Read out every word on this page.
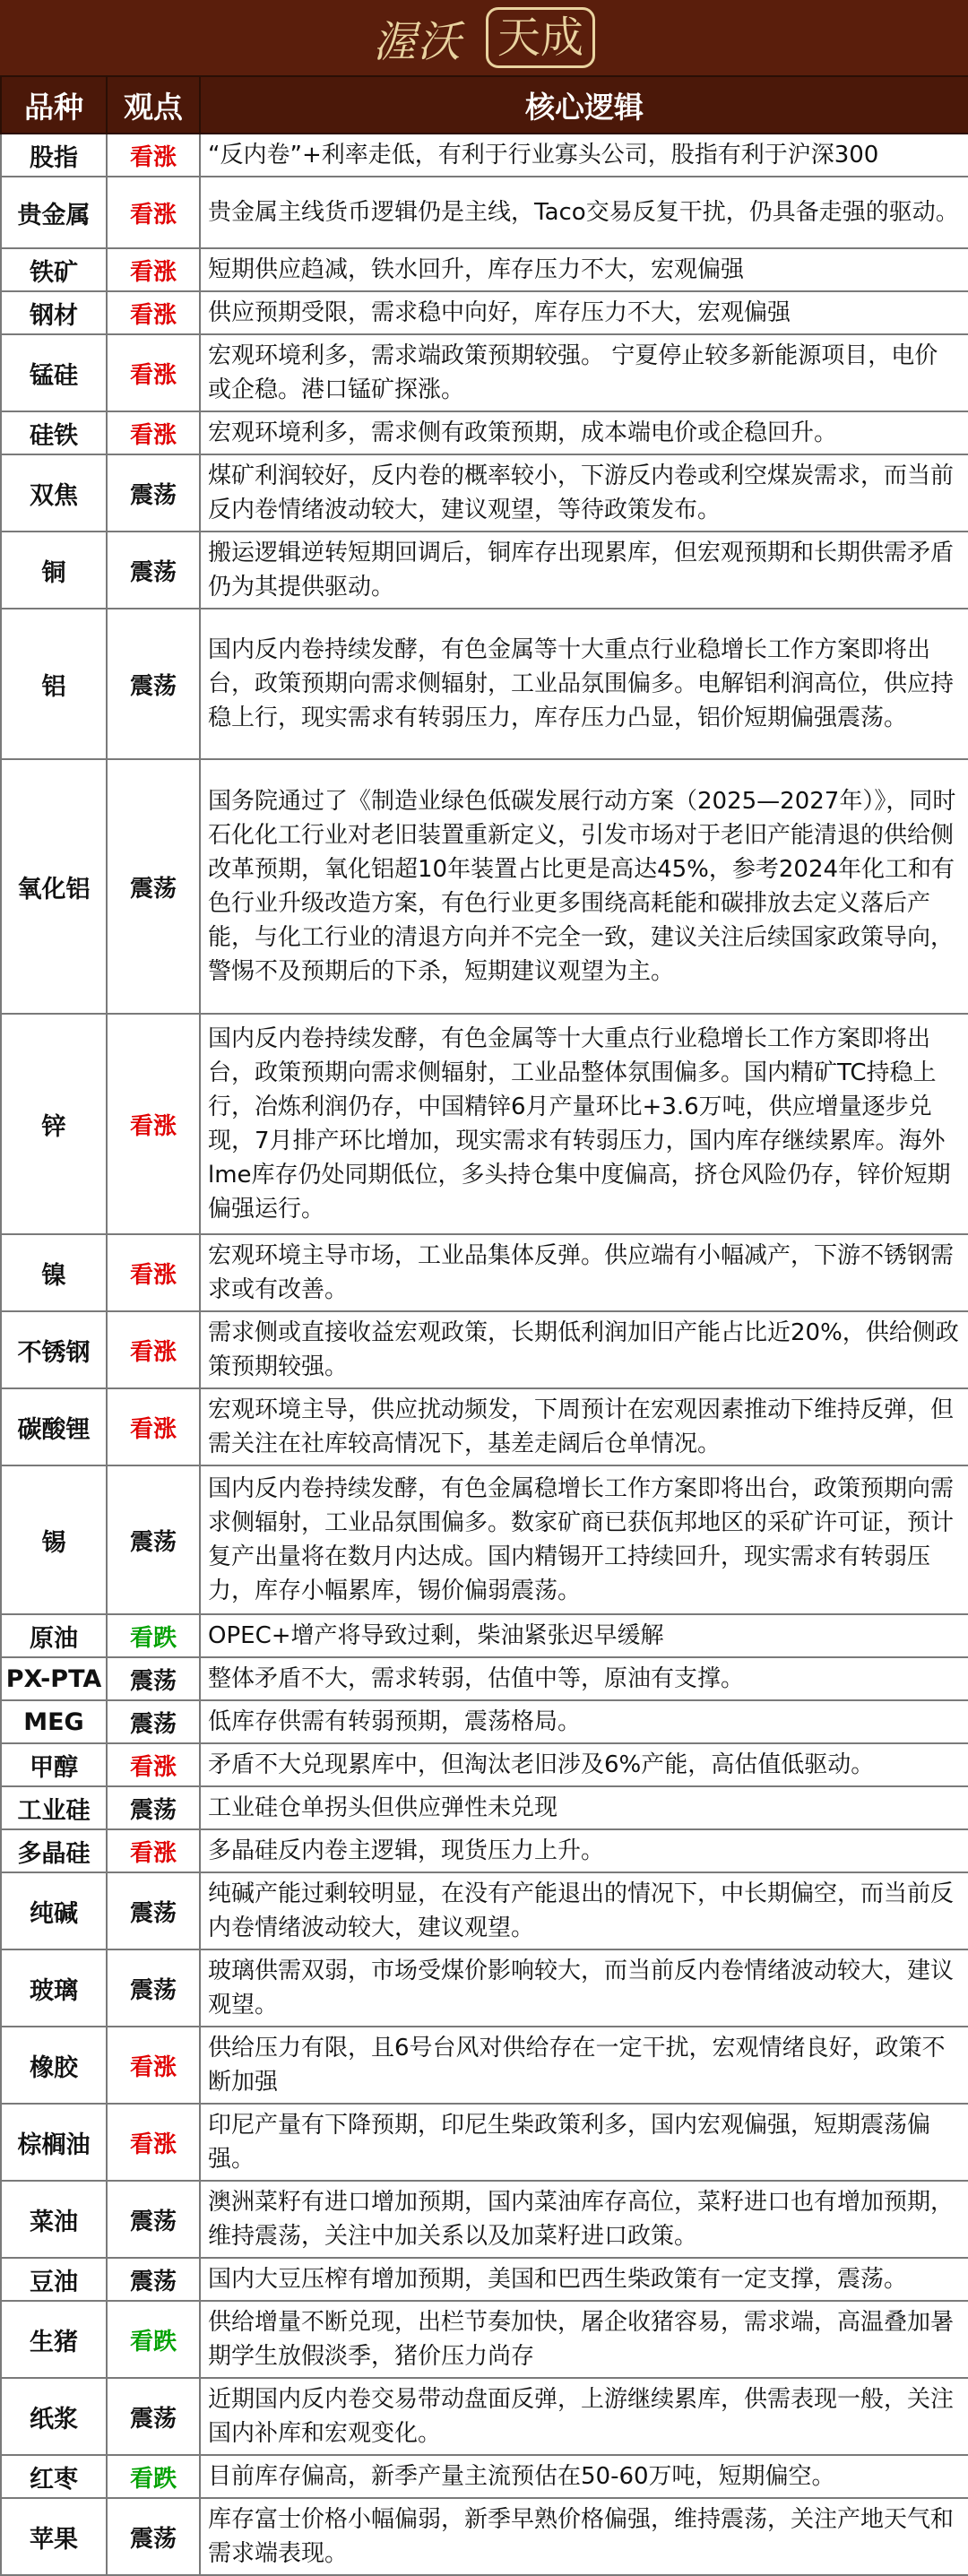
渥沃 天成
品种	观点	核心逻辑
股指	看涨	“反内卷”+利率走低，有利于行业寡头公司，股指有利于沪深300
贵金属	看涨	贵金属主线货币逻辑仍是主线，Taco交易反复干扰，仍具备走强的驱动。
铁矿	看涨	短期供应趋减，铁水回升，库存压力不大，宏观偏强
钢材	看涨	供应预期受限，需求稳中向好，库存压力不大，宏观偏强
锰硅	看涨	宏观环境利多，需求端政策预期较强。 宁夏停止较多新能源项目，电价或企稳。港口锰矿探涨。
硅铁	看涨	宏观环境利多，需求侧有政策预期，成本端电价或企稳回升。
双焦	震荡	煤矿利润较好，反内卷的概率较小，下游反内卷或利空煤炭需求，而当前反内卷情绪波动较大，建议观望，等待政策发布。
铜	震荡	搬运逻辑逆转短期回调后，铜库存出现累库，但宏观预期和长期供需矛盾仍为其提供驱动。
铝	震荡	国内反内卷持续发酵，有色金属等十大重点行业稳增长工作方案即将出台，政策预期向需求侧辐射，工业品氛围偏多。电解铝利润高位，供应持稳上行，现实需求有转弱压力，库存压力凸显，铝价短期偏强震荡。
氧化铝	震荡	国务院通过了《制造业绿色低碳发展行动方案（2025—2027年）》，同时石化化工行业对老旧装置重新定义，引发市场对于老旧产能清退的供给侧改革预期，氧化铝超10年装置占比更是高达45%，参考2024年化工和有色行业升级改造方案，有色行业更多围绕高耗能和碳排放去定义落后产能，与化工行业的清退方向并不完全一致，建议关注后续国家政策导向，警惕不及预期后的下杀，短期建议观望为主。
锌	看涨	国内反内卷持续发酵，有色金属等十大重点行业稳增长工作方案即将出台，政策预期向需求侧辐射，工业品整体氛围偏多。国内精矿TC持稳上行，冶炼利润仍存，中国精锌6月产量环比+3.6万吨，供应增量逐步兑现，7月排产环比增加，现实需求有转弱压力，国内库存继续累库。海外lme库存仍处同期低位，多头持仓集中度偏高，挤仓风险仍存，锌价短期偏强运行。
镍	看涨	宏观环境主导市场，工业品集体反弹。供应端有小幅减产，下游不锈钢需求或有改善。
不锈钢	看涨	需求侧或直接收益宏观政策，长期低利润加旧产能占比近20%，供给侧政策预期较强。
碳酸锂	看涨	宏观环境主导，供应扰动频发，下周预计在宏观因素推动下维持反弹，但需关注在社库较高情况下，基差走阔后仓单情况。
锡	震荡	国内反内卷持续发酵，有色金属稳增长工作方案即将出台，政策预期向需求侧辐射，工业品氛围偏多。数家矿商已获佤邦地区的采矿许可证，预计复产出量将在数月内达成。国内精锡开工持续回升，现实需求有转弱压力，库存小幅累库，锡价偏弱震荡。
原油	看跌	OPEC+增产将导致过剩，柴油紧张迟早缓解
PX-PTA	震荡	整体矛盾不大，需求转弱，估值中等，原油有支撑。
MEG	震荡	低库存供需有转弱预期，震荡格局。
甲醇	看涨	矛盾不大兑现累库中，但淘汰老旧涉及6%产能，高估值低驱动。
工业硅	震荡	工业硅仓单拐头但供应弹性未兑现
多晶硅	看涨	多晶硅反内卷主逻辑，现货压力上升。
纯碱	震荡	纯碱产能过剩较明显，在没有产能退出的情况下，中长期偏空，而当前反内卷情绪波动较大，建议观望。
玻璃	震荡	玻璃供需双弱，市场受煤价影响较大，而当前反内卷情绪波动较大，建议观望。
橡胶	看涨	供给压力有限，且6号台风对供给存在一定干扰，宏观情绪良好，政策不断加强
棕榈油	看涨	印尼产量有下降预期，印尼生柴政策利多，国内宏观偏强，短期震荡偏强。
菜油	震荡	澳洲菜籽有进口增加预期，国内菜油库存高位，菜籽进口也有增加预期，维持震荡，关注中加关系以及加菜籽进口政策。
豆油	震荡	国内大豆压榨有增加预期，美国和巴西生柴政策有一定支撑，震荡。
生猪	看跌	供给增量不断兑现，出栏节奏加快，屠企收猪容易，需求端，高温叠加暑期学生放假淡季，猪价压力尚存
纸浆	震荡	近期国内反内卷交易带动盘面反弹，上游继续累库，供需表现一般，关注国内补库和宏观变化。
红枣	看跌	目前库存偏高，新季产量主流预估在50-60万吨，短期偏空。
苹果	震荡	库存富士价格小幅偏弱，新季早熟价格偏强，维持震荡，关注产地天气和需求端表现。
